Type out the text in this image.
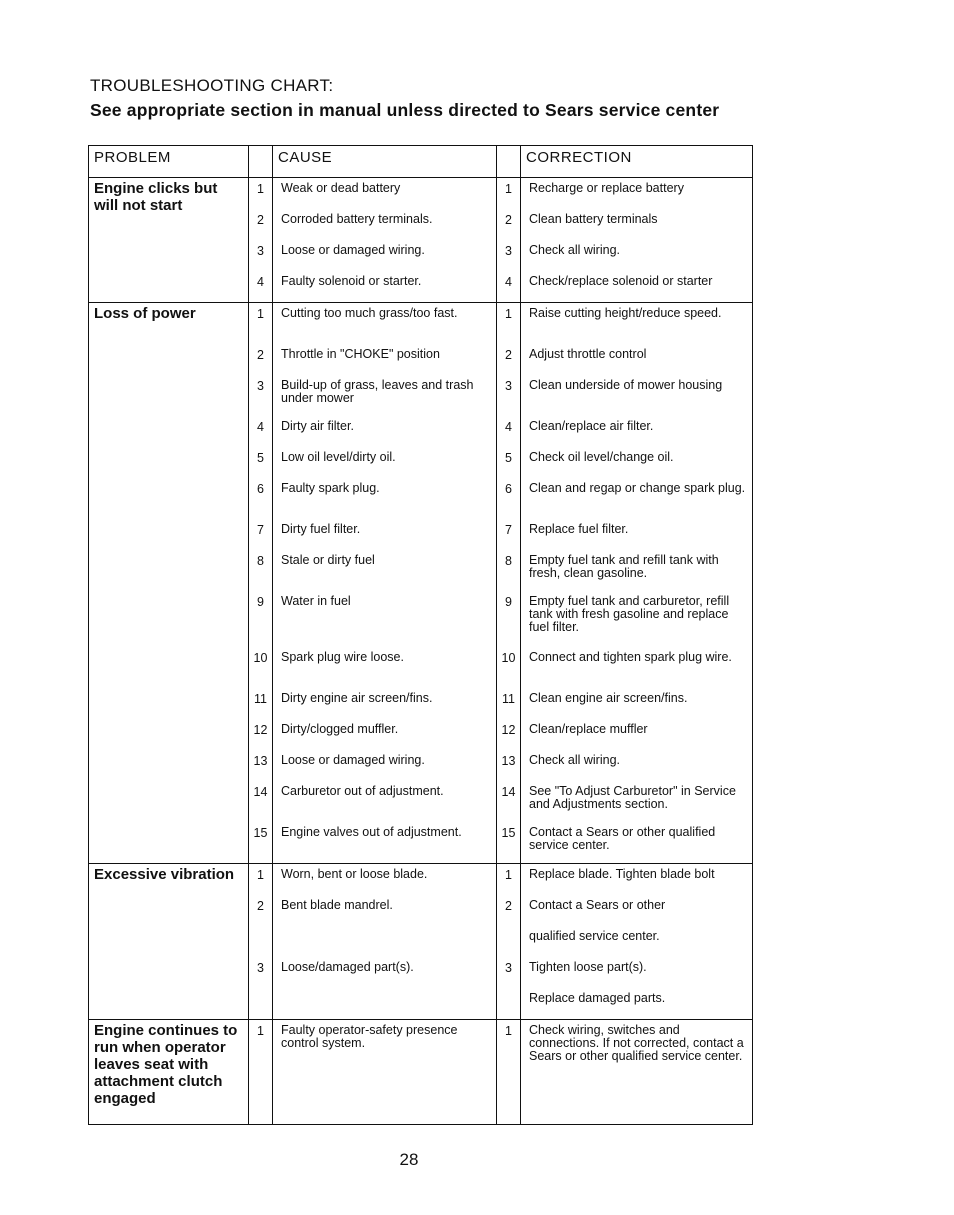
TROUBLESHOOTING CHART:
See appropriate section in manual unless directed to Sears service center
PROBLEM		CAUSE		CORRECTION
Engine clicks but will not start	1	Weak or dead battery	1	Recharge or replace battery
	2	Corroded battery terminals.	2	Clean battery terminals
	3	Loose or damaged wiring.	3	Check all wiring.
	4	Faulty solenoid or starter.	4	Check/replace solenoid or starter
Loss of power	1	Cutting too much grass/too fast.	1	Raise cutting height/reduce speed.
	2	Throttle in "CHOKE" position	2	Adjust throttle control
	3	Build-up of grass, leaves and trash under mower	3	Clean underside of mower housing
	4	Dirty air filter.	4	Clean/replace air filter.
	5	Low oil level/dirty oil.	5	Check oil level/change oil.
	6	Faulty spark plug.	6	Clean and regap or change spark plug.
	7	Dirty fuel filter.	7	Replace fuel filter.
	8	Stale or dirty fuel	8	Empty fuel tank and refill tank with fresh, clean gasoline.
	9	Water in fuel	9	Empty fuel tank and carburetor, refill tank with fresh gasoline and replace fuel filter.
	10	Spark plug wire loose.	10	Connect and tighten spark plug wire.
	11	Dirty engine air screen/fins.	11	Clean engine air screen/fins.
	12	Dirty/clogged muffler.	12	Clean/replace muffler
	13	Loose or damaged wiring.	13	Check all wiring.
	14	Carburetor out of adjustment.	14	See "To Adjust Carburetor" in Service and Adjustments section.
	15	Engine valves out of adjustment.	15	Contact a Sears or other qualified service center.
Excessive vibration	1	Worn, bent or loose blade.	1	Replace blade. Tighten blade bolt
	2	Bent blade mandrel.	2	Contact a Sears or other
				qualified service center.
	3	Loose/damaged part(s).	3	Tighten loose part(s).
				Replace damaged parts.
Engine continues to run when operator leaves seat with attachment clutch engaged	1	Faulty operator-safety presence control system.	1	Check wiring, switches and connections. If not corrected, contact a Sears or other qualified service center.
28
